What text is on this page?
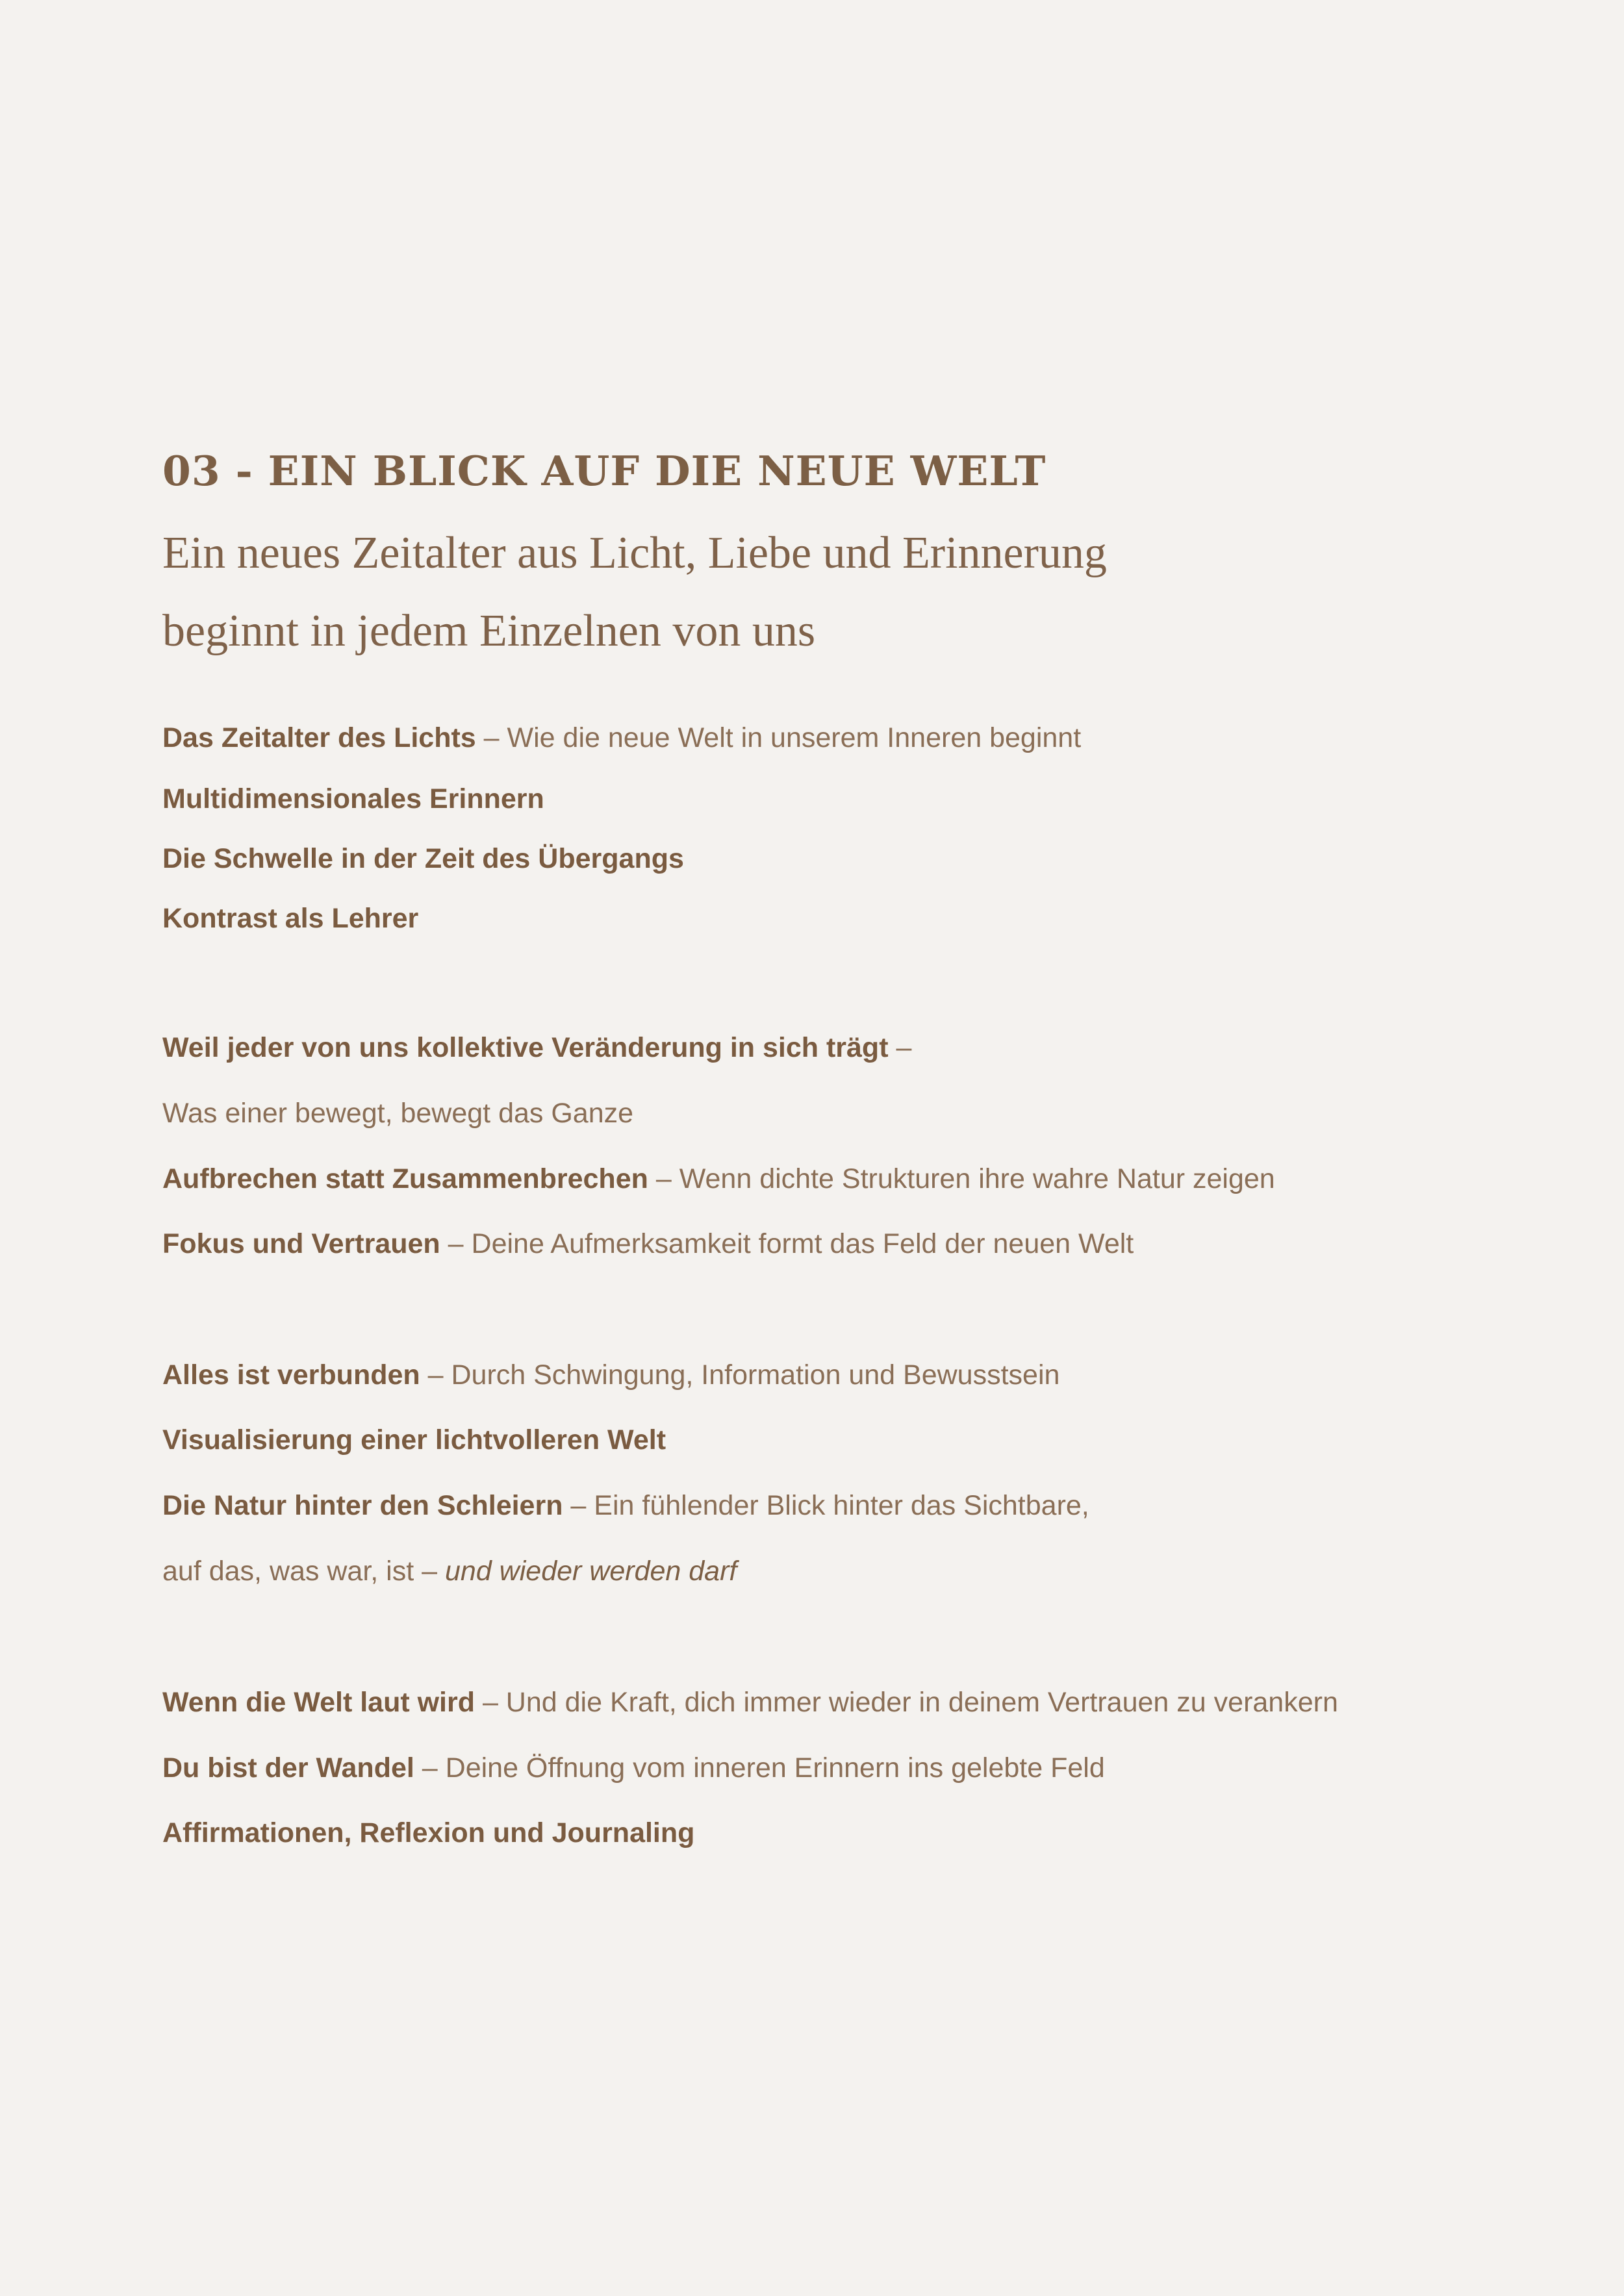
03 - EIN BLICK AUF DIE NEUE WELT

Ein neues Zeitalter aus Licht, Liebe und Erinnerung

beginnt in jedem Einzelnen von uns

Das Zeitalter des Lichts – Wie die neue Welt in unserem Inneren beginnt

Multidimensionales Erinnern

Die Schwelle in der Zeit des Übergangs

Kontrast als Lehrer

Weil jeder von uns kollektive Veränderung in sich trägt –

Was einer bewegt, bewegt das Ganze

Aufbrechen statt Zusammenbrechen – Wenn dichte Strukturen ihre wahre Natur zeigen

Fokus und Vertrauen – Deine Aufmerksamkeit formt das Feld der neuen Welt

Alles ist verbunden – Durch Schwingung, Information und Bewusstsein

Visualisierung einer lichtvolleren Welt

Die Natur hinter den Schleiern – Ein fühlender Blick hinter das Sichtbare,

auf das, was war, ist – und wieder werden darf

Wenn die Welt laut wird – Und die Kraft, dich immer wieder in deinem Vertrauen zu verankern

Du bist der Wandel – Deine Öffnung vom inneren Erinnern ins gelebte Feld

Affirmationen, Reflexion und Journaling
